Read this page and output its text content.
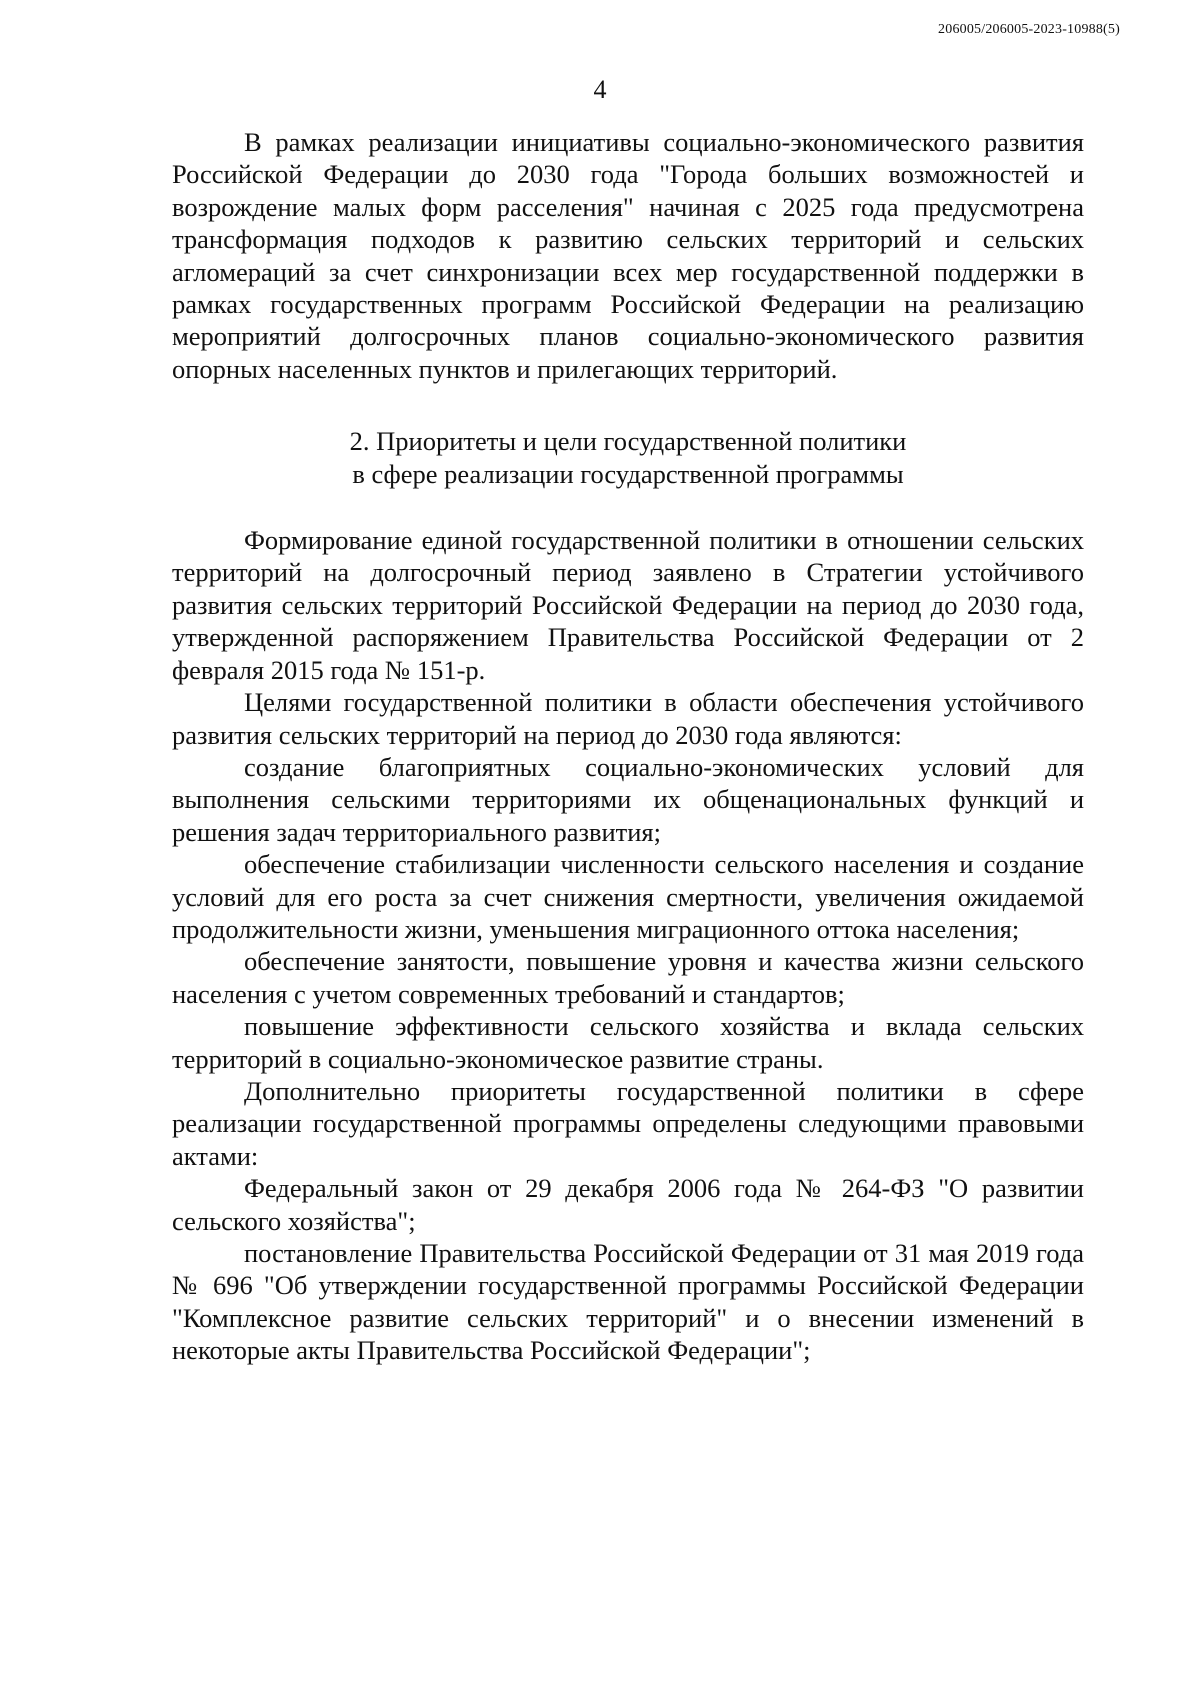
206005/206005-2023-10988(5)
4

В рамках реализации инициативы социально-экономического развития Российской Федерации до 2030 года "Города больших возможностей и возрождение малых форм расселения" начиная с 2025 года предусмотрена трансформация подходов к развитию сельских территорий и сельских агломераций за счет синхронизации всех мер государственной поддержки в рамках государственных программ Российской Федерации на реализацию мероприятий долгосрочных планов социально-экономического развития опорных населенных пунктов и прилегающих территорий.

2. Приоритеты и цели государственной политики
в сфере реализации государственной программы

Формирование единой государственной политики в отношении сельских территорий на долгосрочный период заявлено в Стратегии устойчивого развития сельских территорий Российской Федерации на период до 2030 года, утвержденной распоряжением Правительства Российской Федерации от 2 февраля 2015 года № 151-р.

Целями государственной политики в области обеспечения устойчивого развития сельских территорий на период до 2030 года являются:

создание благоприятных социально-экономических условий для выполнения сельскими территориями их общенациональных функций и решения задач территориального развития;

обеспечение стабилизации численности сельского населения и создание условий для его роста за счет снижения смертности, увеличения ожидаемой продолжительности жизни, уменьшения миграционного оттока населения;

обеспечение занятости, повышение уровня и качества жизни сельского населения с учетом современных требований и стандартов;

повышение эффективности сельского хозяйства и вклада сельских территорий в социально-экономическое развитие страны.

Дополнительно приоритеты государственной политики в сфере реализации государственной программы определены следующими правовыми актами:

Федеральный закон от 29 декабря 2006 года № 264-ФЗ "О развитии сельского хозяйства";

постановление Правительства Российской Федерации от 31 мая 2019 года № 696 "Об утверждении государственной программы Российской Федерации "Комплексное развитие сельских территорий" и о внесении изменений в некоторые акты Правительства Российской Федерации";
